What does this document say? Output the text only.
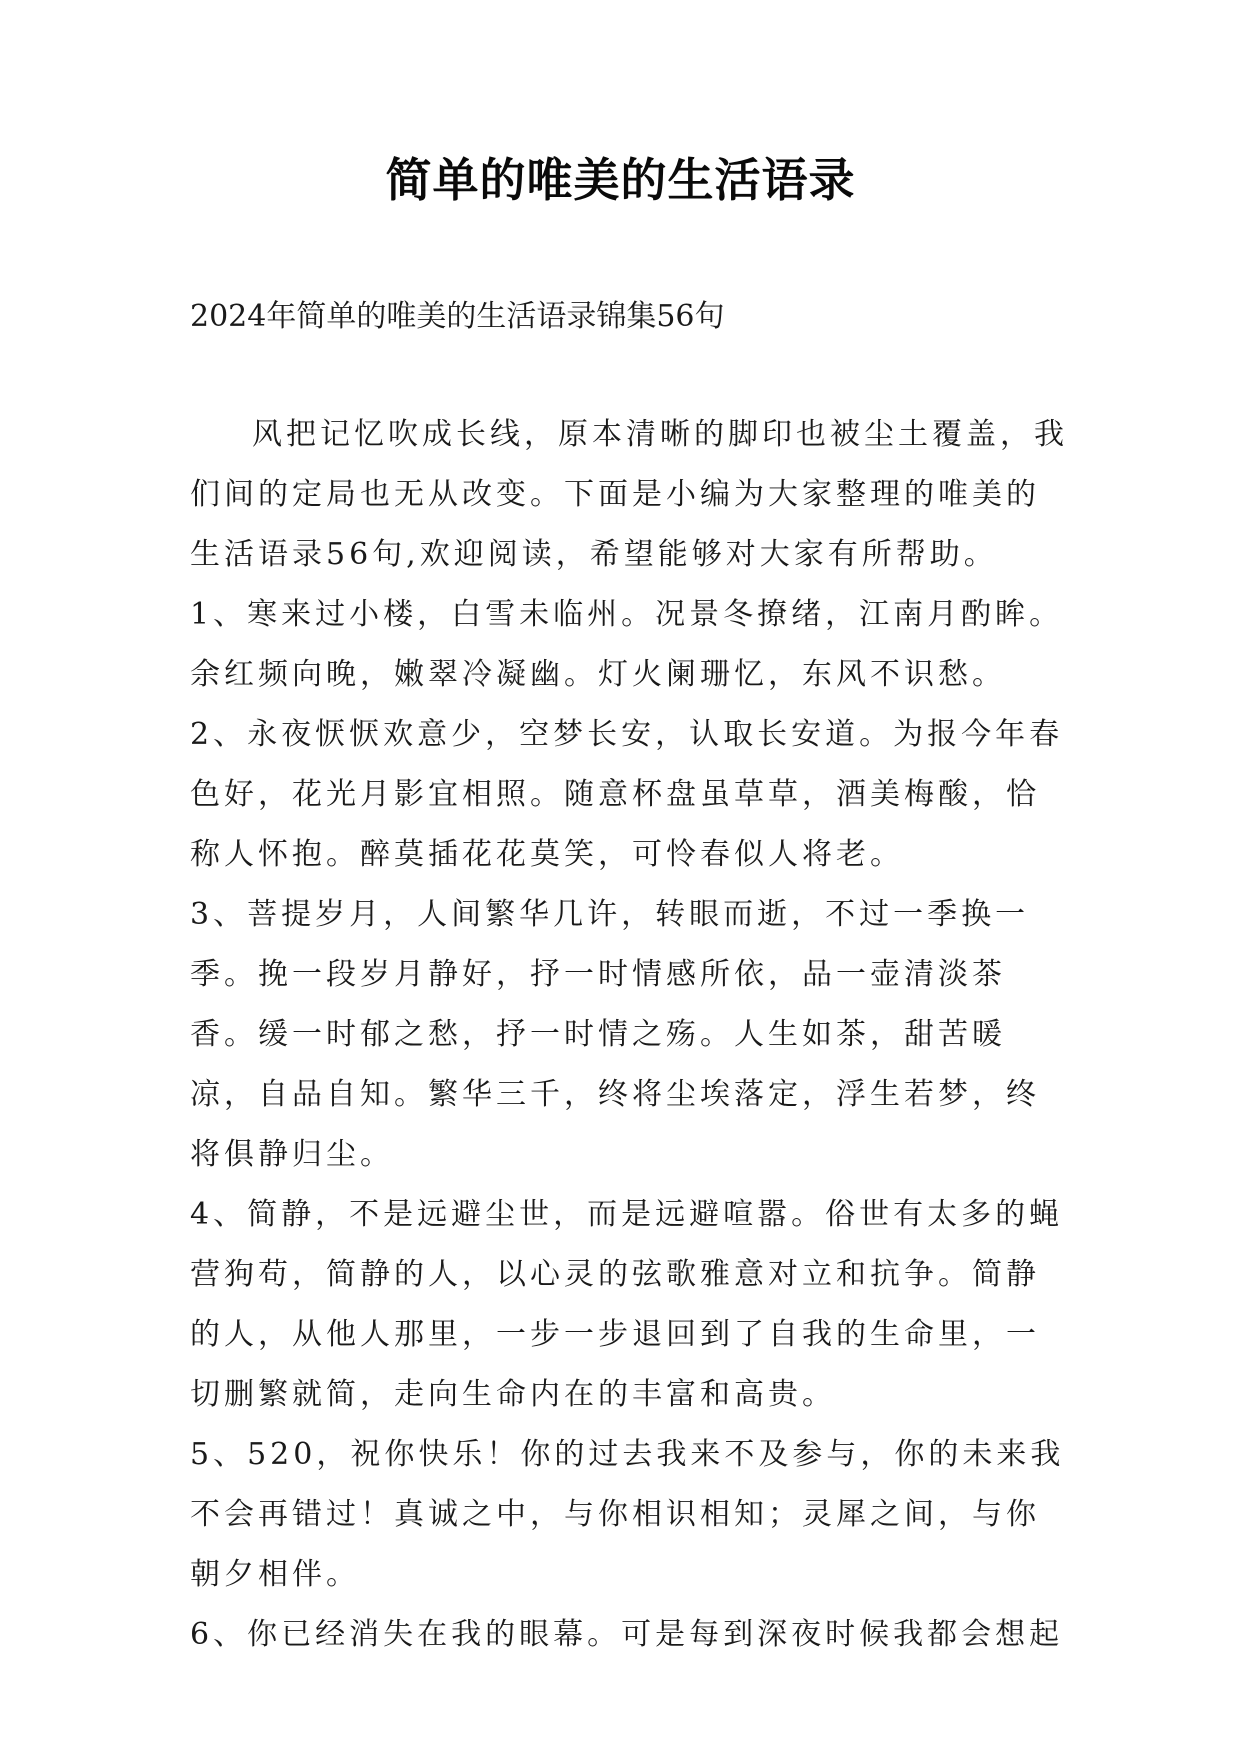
简单的唯美的生活语录
2024年简单的唯美的生活语录锦集56句

风把记忆吹成长线，原本清晰的脚印也被尘土覆盖，我们间的定局也无从改变。下面是小编为大家整理的唯美的生活语录56句,欢迎阅读，希望能够对大家有所帮助。

1、寒来过小楼，白雪未临州。况景冬撩绪，江南月酌眸。余红频向晚，嫩翠冷凝幽。灯火阑珊忆，东风不识愁。

2、永夜恹恹欢意少，空梦长安，认取长安道。为报今年春色好，花光月影宜相照。随意杯盘虽草草，酒美梅酸，恰称人怀抱。醉莫插花花莫笑，可怜春似人将老。

3、菩提岁月，人间繁华几许，转眼而逝，不过一季换一季。挽一段岁月静好，抒一时情感所依，品一壶清淡茶香。缓一时郁之愁，抒一时情之殇。人生如茶，甜苦暖凉，自品自知。繁华三千，终将尘埃落定，浮生若梦，终将俱静归尘。

4、简静，不是远避尘世，而是远避喧嚣。俗世有太多的蝇营狗苟，简静的人，以心灵的弦歌雅意对立和抗争。简静的人，从他人那里，一步一步退回到了自我的生命里，一切删繁就简，走向生命内在的丰富和高贵。

5、520，祝你快乐！你的过去我来不及参与，你的未来我不会再错过！真诚之中，与你相识相知；灵犀之间，与你朝夕相伴。

6、你已经消失在我的眼幕。可是每到深夜时候我都会想起
